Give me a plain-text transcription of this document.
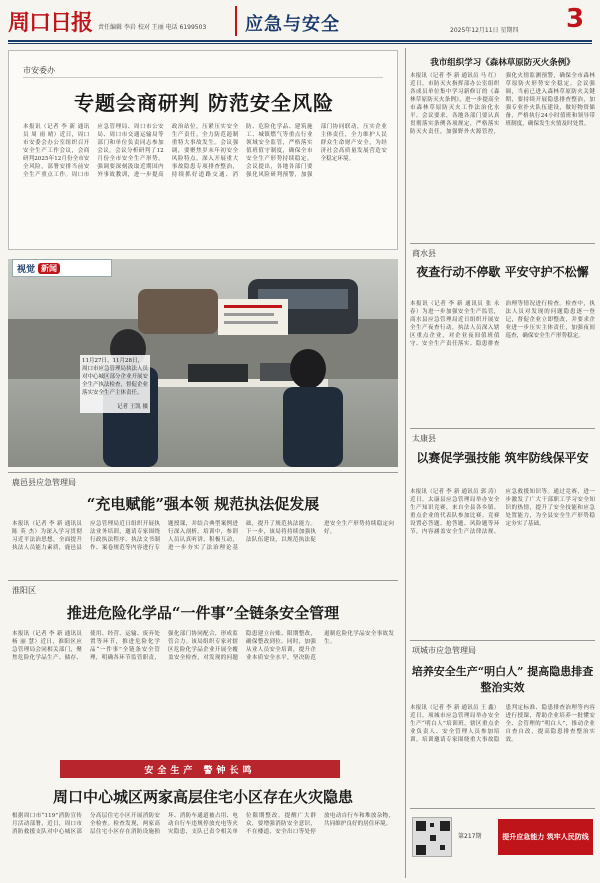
周口日报 责任编辑 李岩 校对 王丽 电话 6199503 应急与安全	2025年12月11日 星期四 3
市安委办
专题会商研判 防范安全风险
本报讯（记者 李 新 通讯员 周 雨 晴）近日，周口市安委会办公室组织召开安全生产工作会议，会商研判2025年12月份全市安全风险，部署安排当前安全生产重点工作。周口市应急管理局、周口市公安局、周口市交通运输局等部门和单位负责同志参加会议。会议分析研判了12月份全市安全生产形势，强调要深刻汲取近期国内外事故教训，进一步提高政治站位，压紧压实安全生产责任，全力防范遏制重特大事故发生。会议强调，要聚焦岁末年初安全风险特点，深入开展重大事故隐患专项排查整治，持续抓好道路交通、消防、危险化学品、建筑施工、城镇燃气等重点行业领域安全监管，严格落实值班值守制度，确保全市安全生产形势持续稳定。会议提出，各地各部门要强化风险研判预警，加强部门协同联动，压实企业主体责任，全力维护人民群众生命财产安全，为经济社会高质量发展营造安全稳定环境。
视觉 新闻
11月27日、11月28日，周口市应急管理局执法人员对中心城区部分企业开展安全生产执法检查，督促企业落实安全生产主体责任。
记者 王凯 摄
鹿邑县应急管理局
“充电赋能”强本领 规范执法促发展
本报讯（记者 李 新 通讯员 陈 英 杰）为深入学习贯彻习近平法治思想，全面提升执法人员能力素质，鹿邑县应急管理局近日组织开展执法业务培训，邀请专家围绕行政执法程序、执法文书制作、案卷规范等内容进行专题授课，并结合典型案例进行深入剖析。培训中，参训人员认真听讲、积极互动，进一步夯实了法治理论基础，提升了规范执法能力。下一步，该局将持续加强执法队伍建设，以规范执法促进安全生产形势持续稳定向好。
淮阳区
推进危险化学品“一件事”全链条安全管理
本报讯（记者 李 新 通讯员 杨 丽 慧）近日，淮阳区应急管理局会同相关部门，聚焦危险化学品生产、储存、使用、经营、运输、废弃处置等环节，推进危险化学品“一件事”全链条安全管理，明确各环节监管职责，强化部门协同配合，形成监管合力。该局组织专家对辖区危险化学品企业开展全覆盖安全检查，对发现的问题隐患建立台账、限期整改，确保整改到位。同时，加强从业人员安全培训，提升企业本质安全水平，坚决防范遏制危险化学品安全事故发生。
安全生产 警钟长鸣
周口中心城区两家高层住宅小区存在火灾隐患
根据周口市“119”消防宣传月活动部署，近日，周口市消防救援支队对中心城区部分高层住宅小区开展消防安全检查。检查发现，两家高层住宅小区存在消防设施损坏、消防车通道被占用、电动自行车违规停放充电等火灾隐患，支队已责令相关单位限期整改。提醒广大群众，要增强消防安全意识，不在楼道、安全出口等处停放电动自行车和堆放杂物，共同维护良好的居住环境。
我市组织学习《森林草原防灭火条例》
本报讯（记者 李 新 通讯员 马 红）近日，市防灭火指挥部办公室组织各成员单位集中学习新修订的《森林草原防灭火条例》，进一步提高全市森林草原防灭火工作法治化水平。会议要求，各地各部门要认真贯彻落实条例各项规定，严格落实防灭火责任，加强野外火源管控，强化火情监测预警，确保全市森林草原防火形势安全稳定。会议强调，当前已进入森林草原防火关键期，要持续开展隐患排查整治，加强专业扑火队伍建设，做好物资储备，严格执行24小时值班和领导带班制度，确保发生火情及时处置。
商水县
夜查行动不停歇 平安守护不松懈
本报讯（记者 李 新 通讯员 张 永 春）为进一步加强安全生产监管，商水县应急管理局近日组织开展安全生产夜查行动，执法人员深入辖区重点企业，对企业夜间值班值守、安全生产责任落实、隐患排查治理等情况进行检查。检查中，执法人员对发现的问题隐患逐一登记，督促企业立即整改，并要求企业进一步压实主体责任，加强夜间巡查，确保安全生产形势稳定。
太康县
以赛促学强技能 筑牢防线保平安
本报讯（记者 李 新 通讯员 郭 涛）近日，太康县应急管理局举办安全生产知识竞赛，来自全县各乡镇、重点企业的代表队参加比赛。竞赛设置必答题、抢答题、风险题等环节，内容涵盖安全生产法律法规、应急救援知识等。通过竞赛，进一步激发了广大干部职工学习安全知识的热情，提升了安全技能和应急处置能力，为全县安全生产形势稳定夯实了基础。
项城市应急管理局
培养安全生产“明白人” 提高隐患排查整治实效
本报讯（记者 李 新 通讯员 王 鑫）近日，项城市应急管理局举办安全生产“明白人”培训班，辖区重点企业负责人、安全管理人员参加培训。培训邀请专家围绕重大事故隐患判定标准、隐患排查治理等内容进行授课，帮助企业培养一批懂安全、会管理的“明白人”，推动企业自查自改，提高隐患排查整治实效。
第217期	提升应急能力 筑牢人民防线
